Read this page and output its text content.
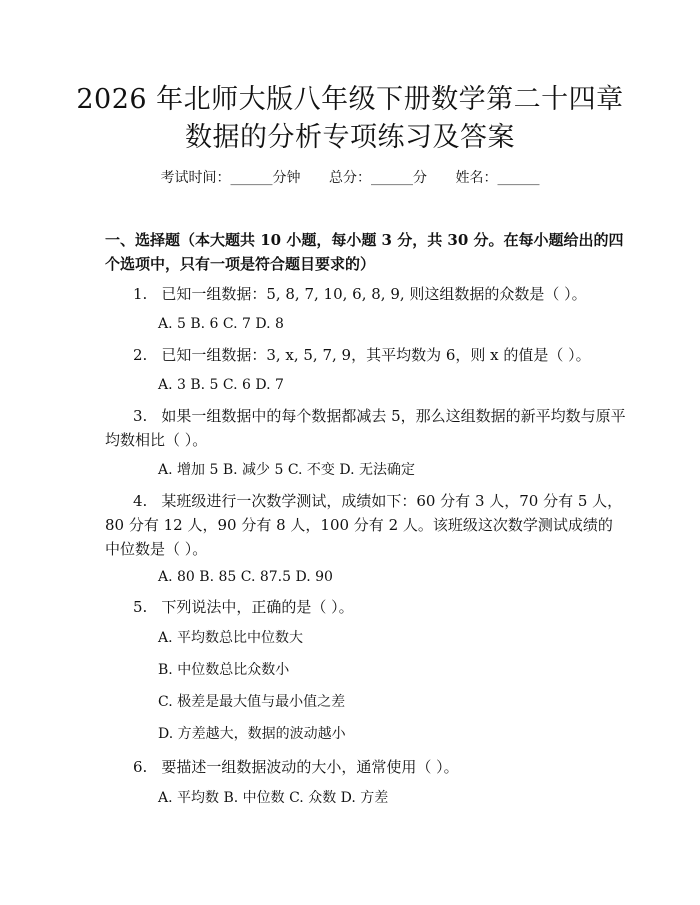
2026 年北师大版八年级下册数学第二十四章
数据的分析专项练习及答案
考试时间：______分钟 总分：______分 姓名：______
一、选择题（本大题共 10 小题，每小题 3 分，共 30 分。在每小题给出的四个选项中，只有一项是符合题目要求的）
1. 已知一组数据：5, 8, 7, 10, 6, 8, 9, 则这组数据的众数是（ ）。
A. 5 B. 6 C. 7 D. 8
2. 已知一组数据：3, x, 5, 7, 9，其平均数为 6，则 x 的值是（ ）。
A. 3 B. 5 C. 6 D. 7
3. 如果一组数据中的每个数据都减去 5，那么这组数据的新平均数与原平均数相比（ ）。
A. 增加 5 B. 减少 5 C. 不变 D. 无法确定
4. 某班级进行一次数学测试，成绩如下：60 分有 3 人，70 分有 5 人，80 分有 12 人，90 分有 8 人，100 分有 2 人。该班级这次数学测试成绩的中位数是（ ）。
A. 80 B. 85 C. 87.5 D. 90
5. 下列说法中，正确的是（ ）。
A. 平均数总比中位数大
B. 中位数总比众数小
C. 极差是最大值与最小值之差
D. 方差越大，数据的波动越小
6. 要描述一组数据波动的大小，通常使用（ ）。
A. 平均数 B. 中位数 C. 众数 D. 方差
